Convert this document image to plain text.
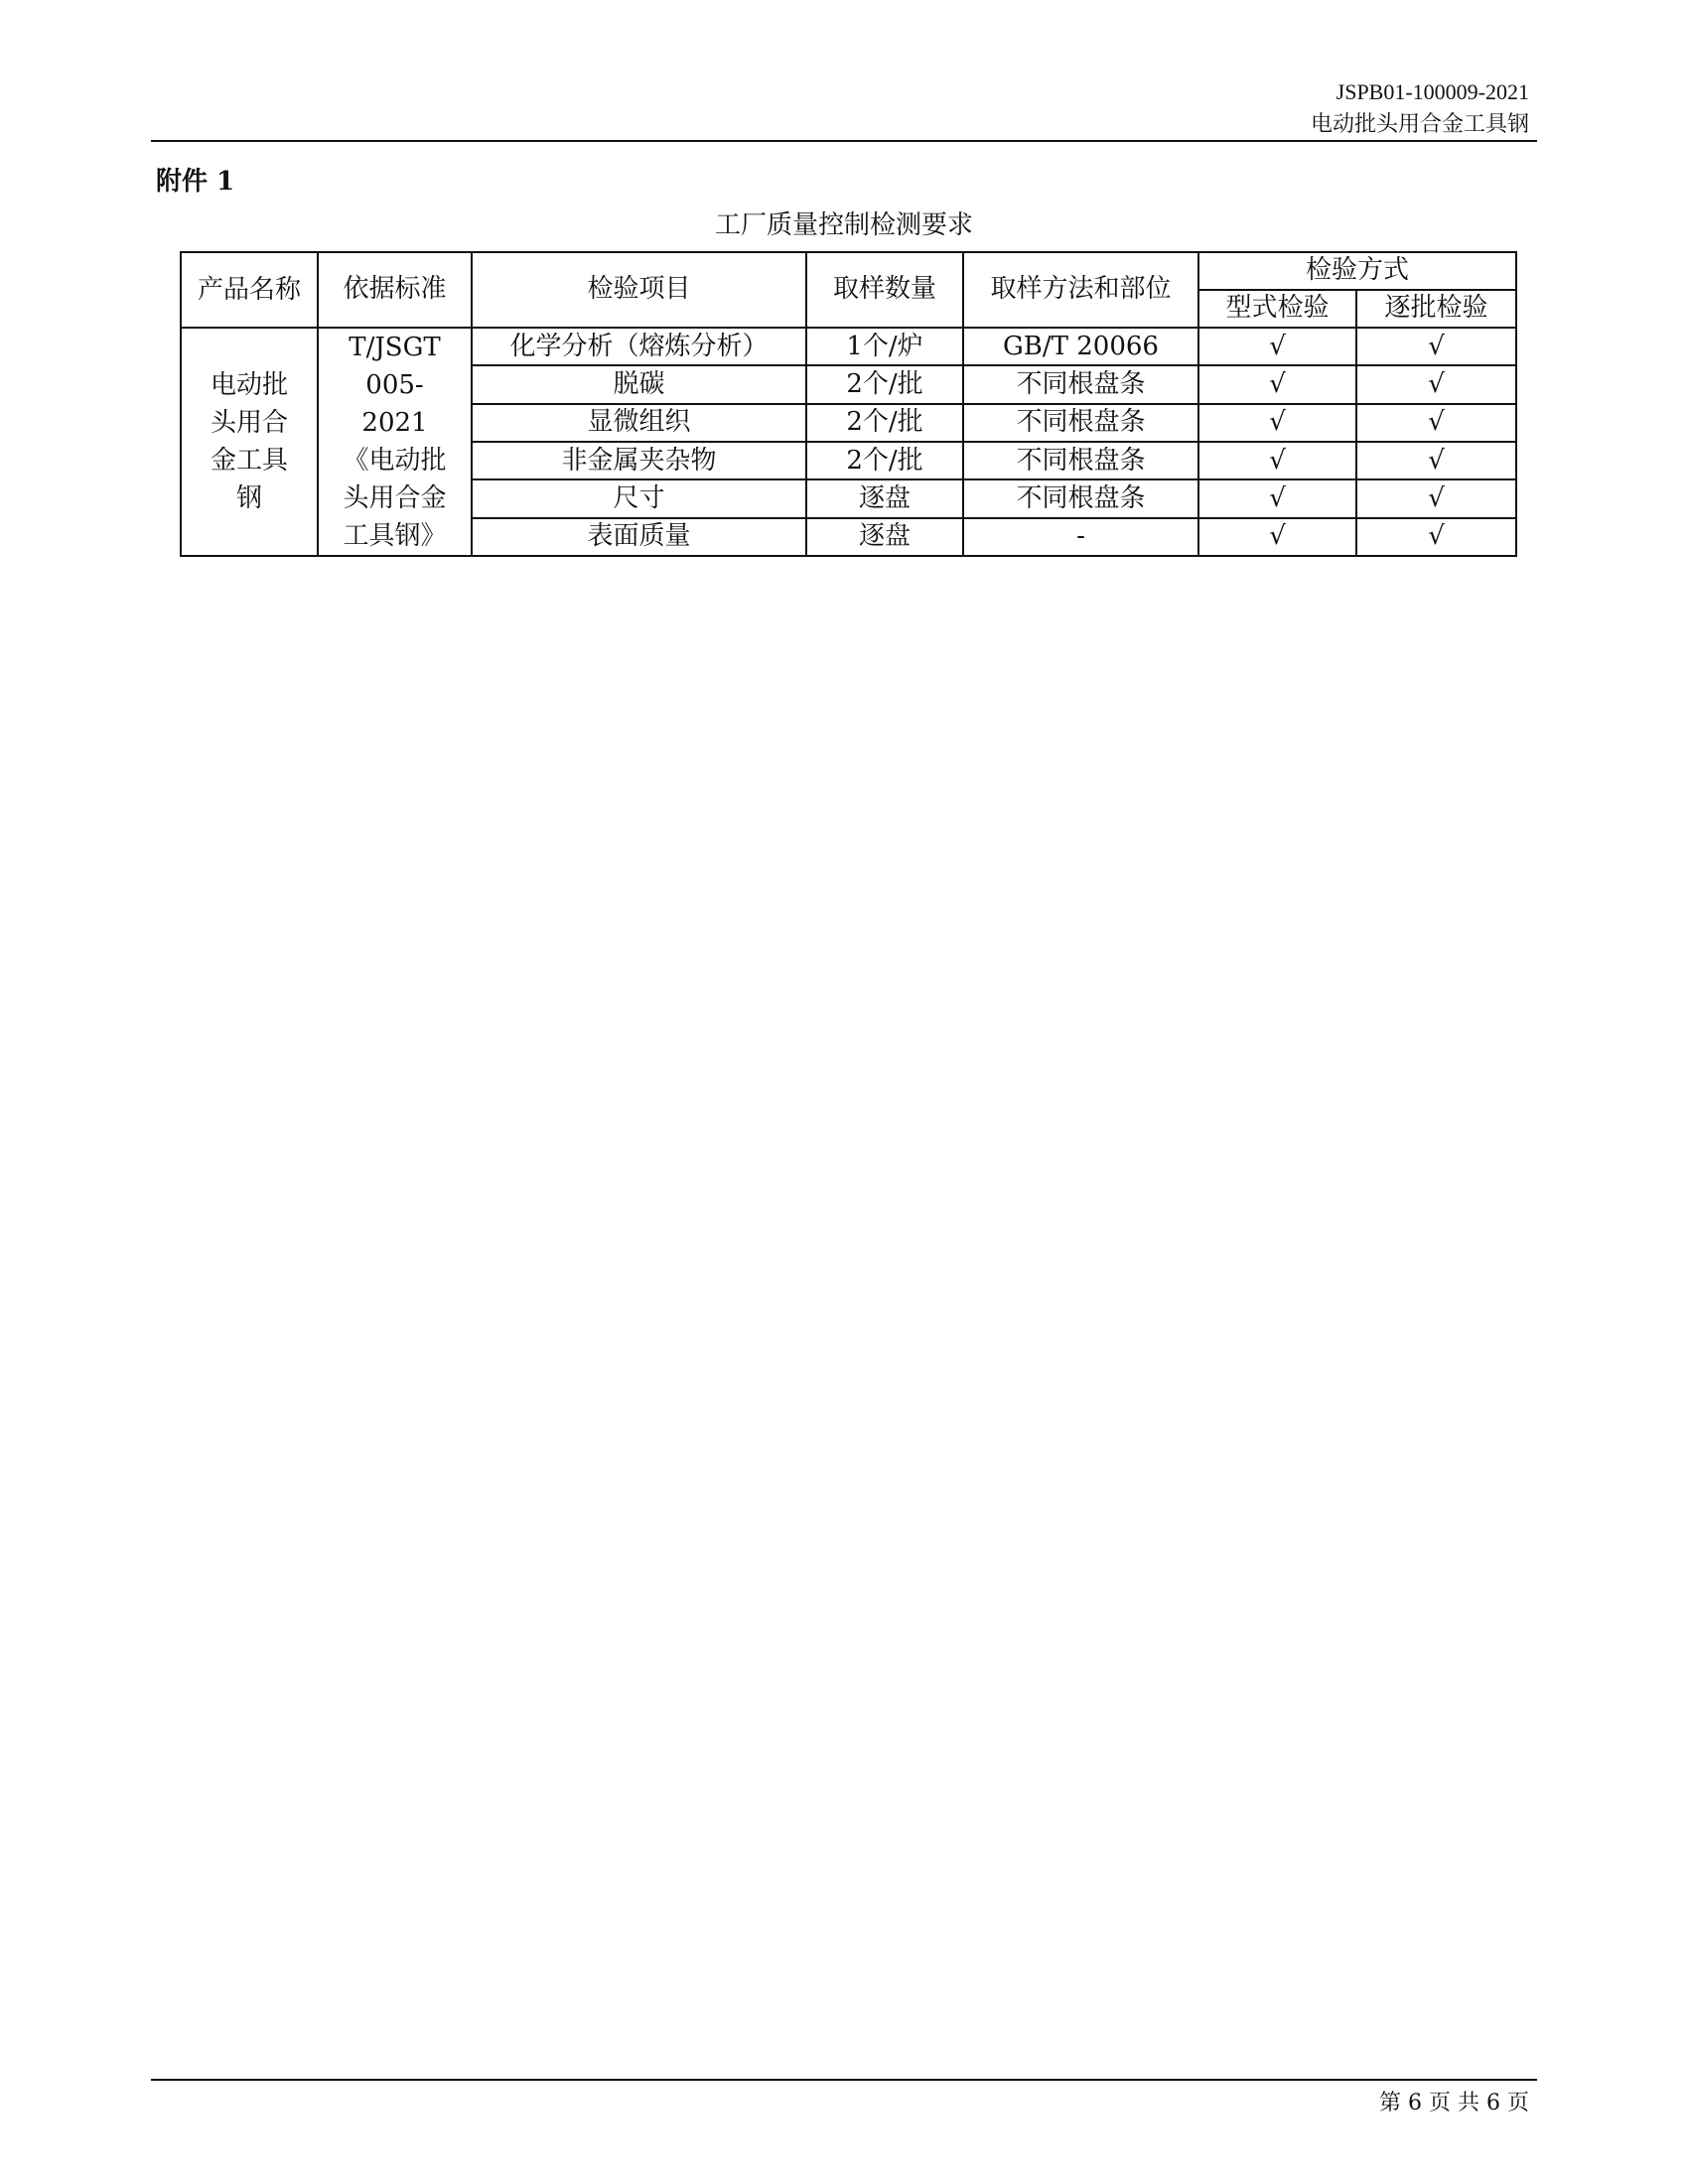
JSPB01-100009-2021
电动批头用合金工具钢
附件 1
工厂质量控制检测要求
产品名称	依据标准	检验项目	取样数量	取样方法和部位	检验方式	
					型式检验	逐批检验
电动批头用合金工具钢	T/JSGT 005-2021《电动批头用合金工具钢》	化学分析（熔炼分析）	1个/炉	GB/T 20066	√	√
		脱碳	2个/批	不同根盘条	√	√
		显微组织	2个/批	不同根盘条	√	√
		非金属夹杂物	2个/批	不同根盘条	√	√
		尺寸	逐盘	不同根盘条	√	√
		表面质量	逐盘	-	√	√
第 6 页 共 6 页
